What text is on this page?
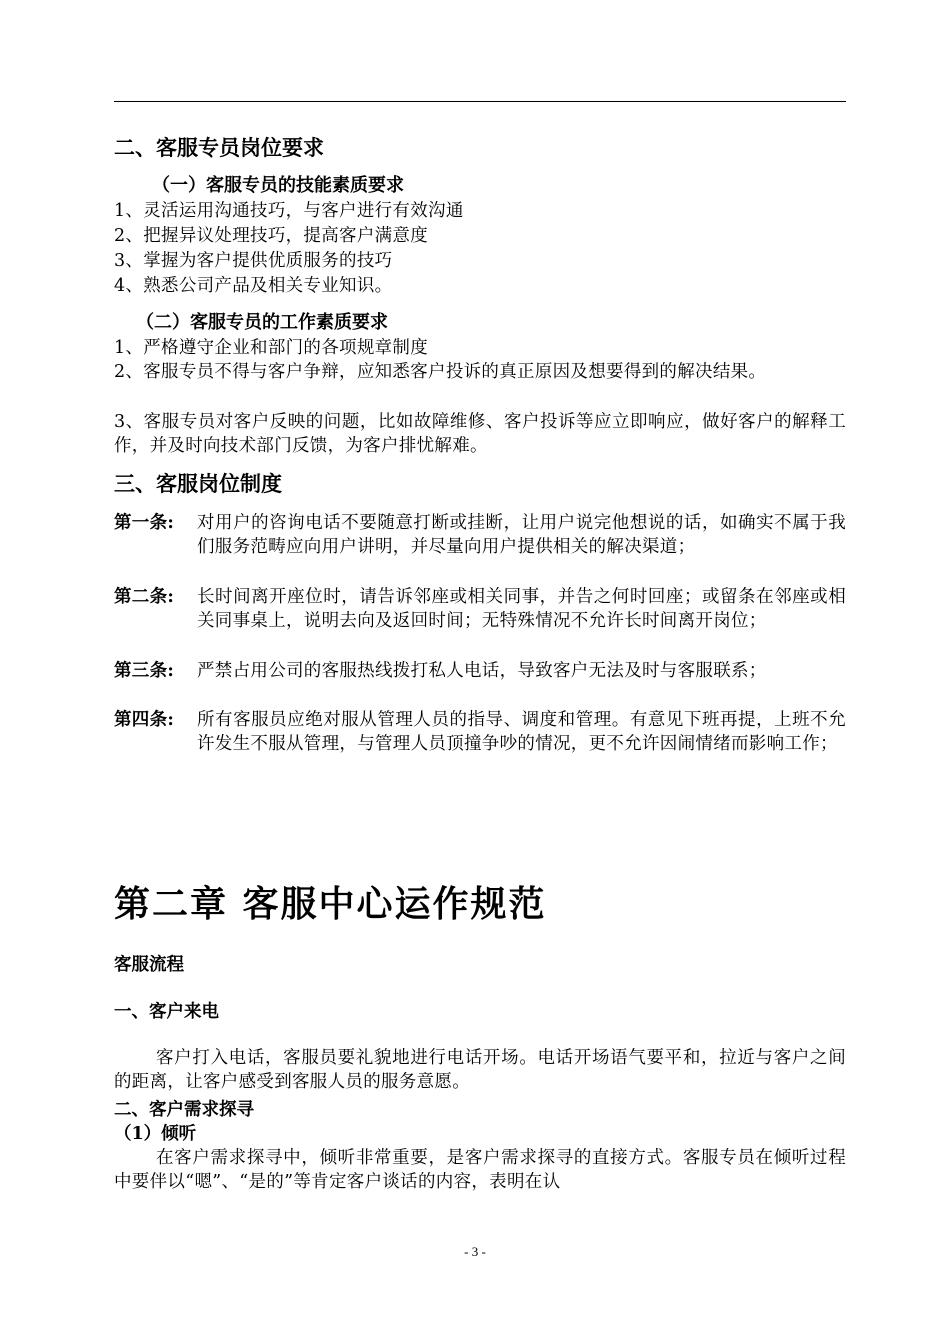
二、客服专员岗位要求
（一）客服专员的技能素质要求
1、灵活运用沟通技巧，与客户进行有效沟通
2、把握异议处理技巧，提高客户满意度
3、掌握为客户提供优质服务的技巧
4、熟悉公司产品及相关专业知识。
（二）客服专员的工作素质要求
1、严格遵守企业和部门的各项规章制度
2、客服专员不得与客户争辩，应知悉客户投诉的真正原因及想要得到的解决结果。
3、客服专员对客户反映的问题，比如故障维修、客户投诉等应立即响应，做好客户的解释工作，并及时向技术部门反馈，为客户排忧解难。
三、客服岗位制度
第一条: 对用户的咨询电话不要随意打断或挂断，让用户说完他想说的话，如确实不属于我们服务范畴应向用户讲明，并尽量向用户提供相关的解决渠道；
第二条: 长时间离开座位时，请告诉邻座或相关同事，并告之何时回座；或留条在邻座或相关同事桌上，说明去向及返回时间；无特殊情况不允许长时间离开岗位；
第三条: 严禁占用公司的客服热线拨打私人电话，导致客户无法及时与客服联系；
第四条: 所有客服员应绝对服从管理人员的指导、调度和管理。有意见下班再提，上班不允许发生不服从管理，与管理人员顶撞争吵的情况，更不允许因闹情绪而影响工作；
第二章 客服中心运作规范
客服流程
一、客户来电
客户打入电话，客服员要礼貌地进行电话开场。电话开场语气要平和，拉近与客户之间的距离，让客户感受到客服人员的服务意愿。
二、客户需求探寻
（1）倾听
在客户需求探寻中，倾听非常重要，是客户需求探寻的直接方式。客服专员在倾听过程中要伴以“嗯”、“是的”等肯定客户谈话的内容，表明在认
- 3 -
